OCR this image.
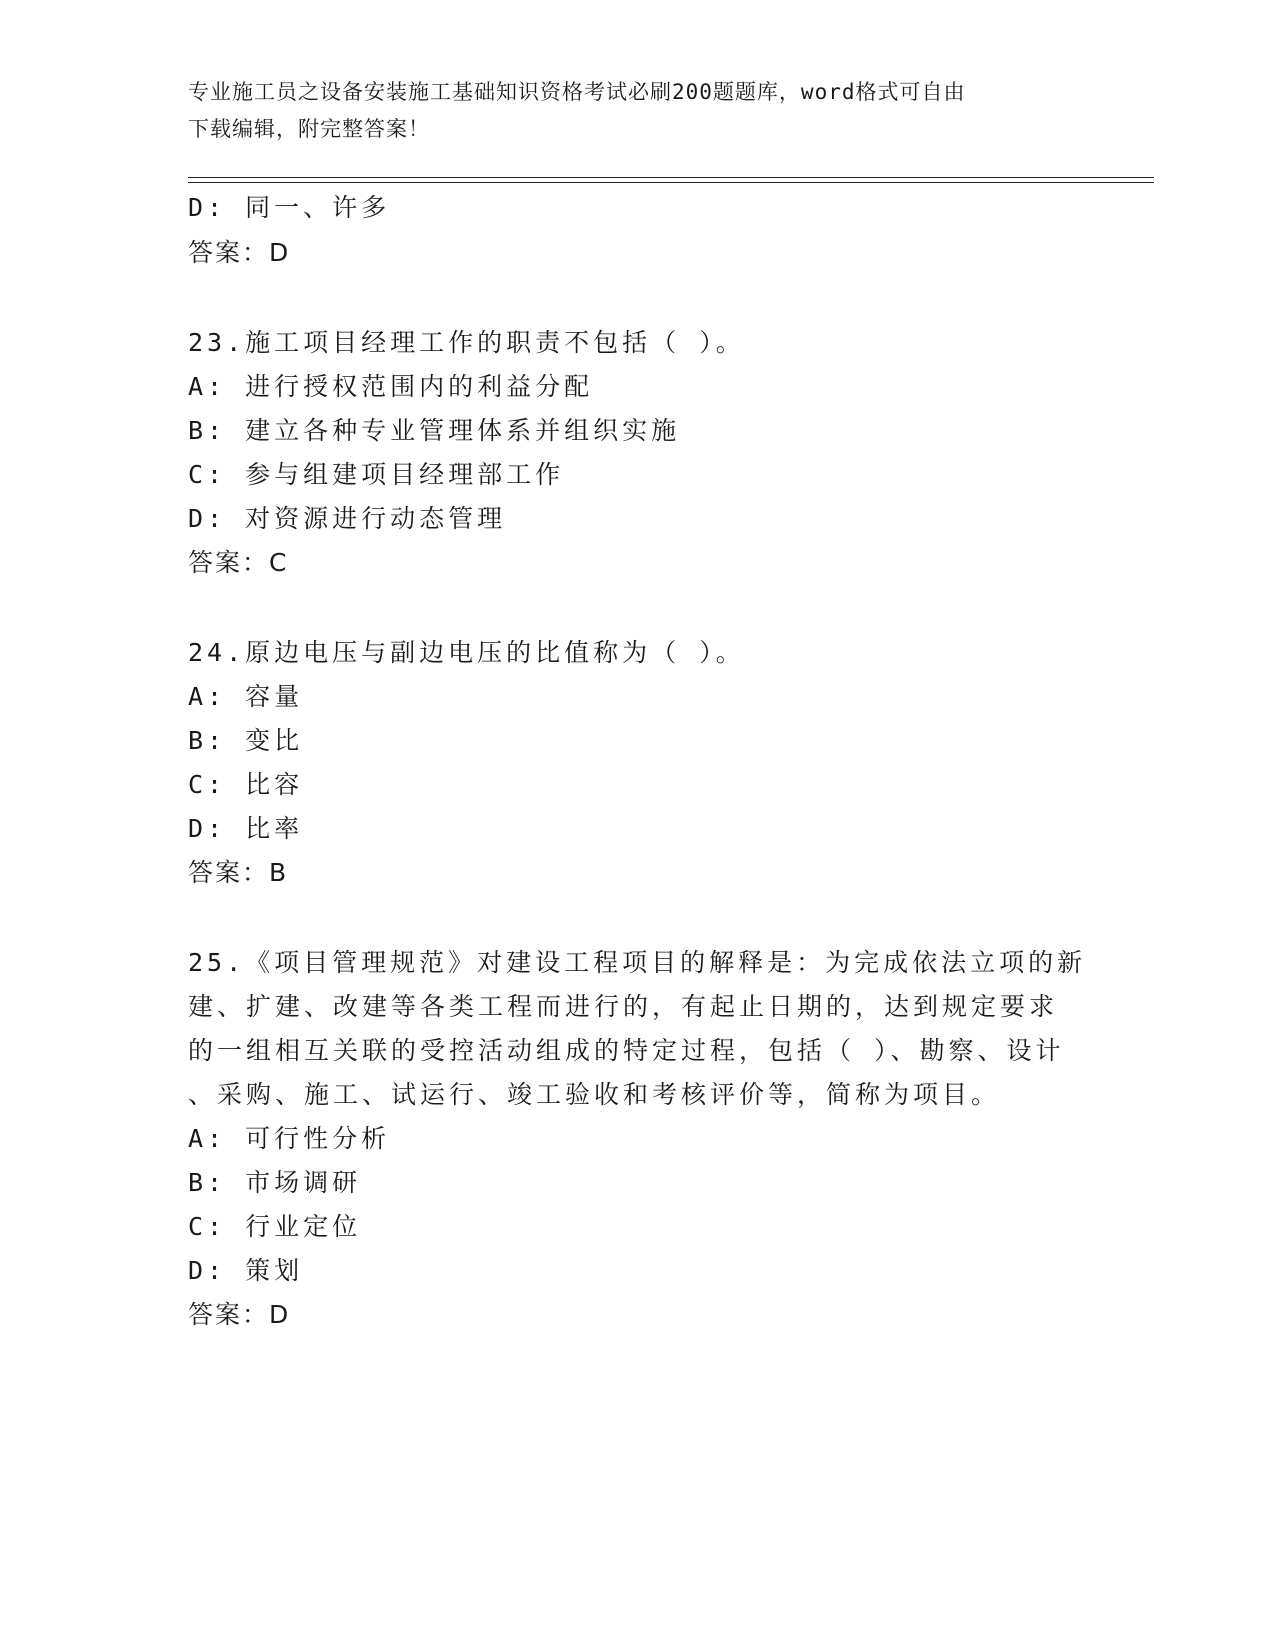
专业施工员之设备安装施工基础知识资格考试必刷200题题库，word格式可自由
下载编辑，附完整答案！
D: 同一、许多
答案：D
23.施工项目经理工作的职责不包括（ ）。
A: 进行授权范围内的利益分配
B: 建立各种专业管理体系并组织实施
C: 参与组建项目经理部工作
D: 对资源进行动态管理
答案：C
24.原边电压与副边电压的比值称为（ ）。
A: 容量
B: 变比
C: 比容
D: 比率
答案：B
25.《项目管理规范》对建设工程项目的解释是：为完成依法立项的新
建、扩建、改建等各类工程而进行的，有起止日期的，达到规定要求
的一组相互关联的受控活动组成的特定过程，包括（ ）、勘察、设计
、采购、施工、试运行、竣工验收和考核评价等，简称为项目。
A: 可行性分析
B: 市场调研
C: 行业定位
D: 策划
答案：D
